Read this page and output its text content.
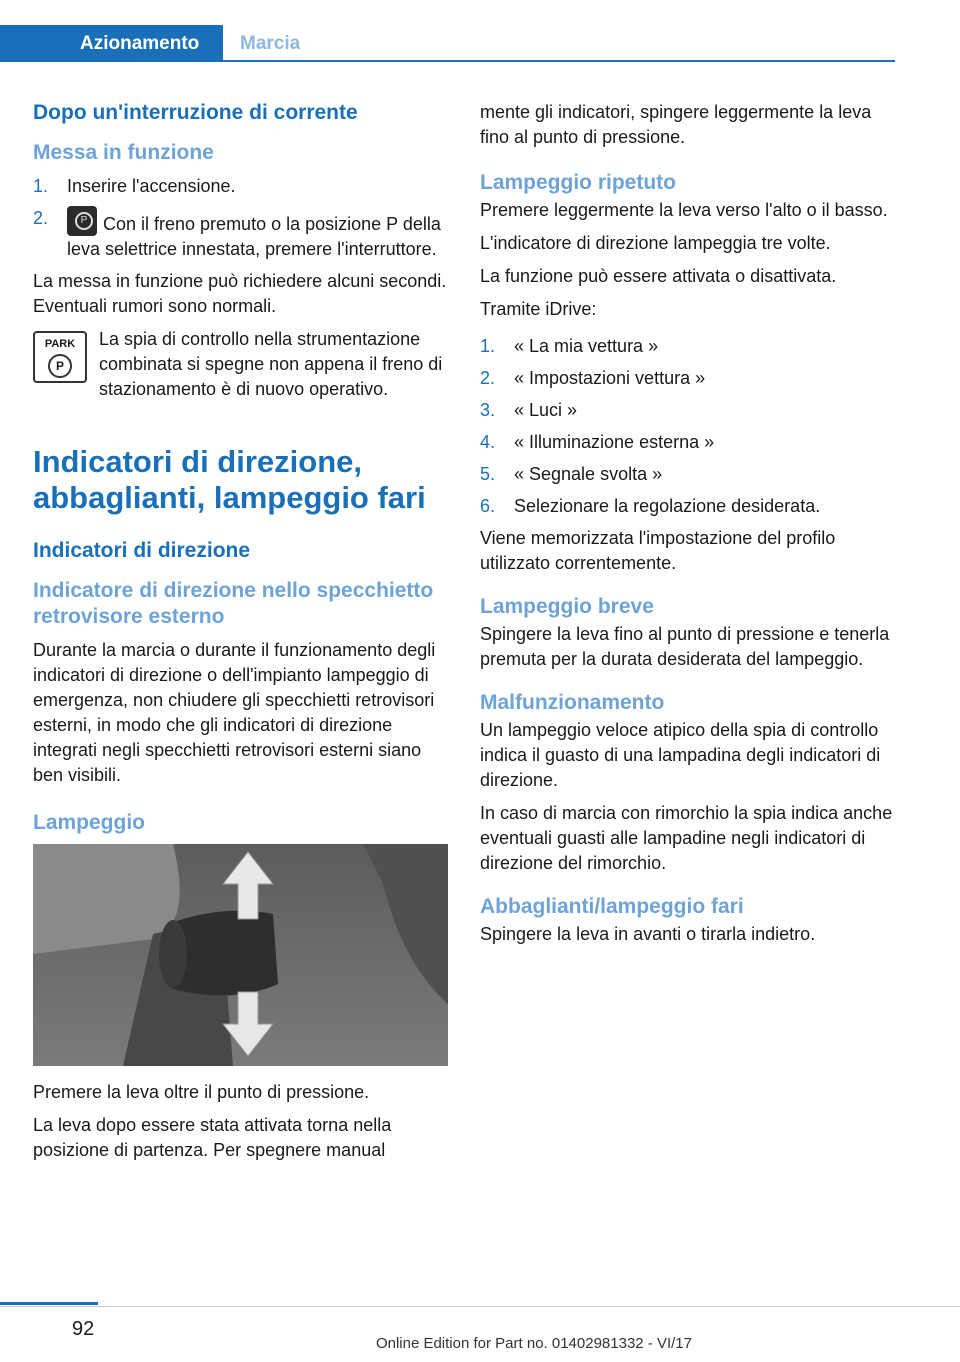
Azionamento	Marcia
Dopo un'interruzione di corrente
Messa in funzione
1. Inserire l'accensione.
2.
P	Con il freno premuto o la posizione P della leva selettrice innestata, premere l'interruttore.

La messa in funzione può richiedere alcuni secondi. Eventuali rumori sono normali.

PARK
P

La spia di controllo nella strumentazione combinata si spegne non appena il freno di stazionamento è di nuovo operativo.

Indicatori di direzione, abbaglianti, lampeggio fari
Indicatori di direzione
Indicatore di direzione nello specchietto retrovisore esterno

Durante la marcia o durante il funzionamento degli indicatori di direzione o dell'impianto lampeggio di emergenza, non chiudere gli specchietti retrovisori esterni, in modo che gli indicatori di direzione integrati negli specchietti retrovisori esterni siano ben visibili.

Lampeggio

Premere la leva oltre il punto di pressione.

La leva dopo essere stata attivata torna nella posizione di partenza. Per spegnere manual

mente gli indicatori, spingere leggermente la leva fino al punto di pressione.

Lampeggio ripetuto

Premere leggermente la leva verso l'alto o il basso.

L'indicatore di direzione lampeggia tre volte.

La funzione può essere attivata o disattivata.

Tramite iDrive:

1. « La mia vettura »
2. « Impostazioni vettura »
3. « Luci »
4. « Illuminazione esterna »
5. « Segnale svolta »
6. Selezionare la regolazione desiderata.

Viene memorizzata l'impostazione del profilo utilizzato correntemente.

Lampeggio breve

Spingere la leva fino al punto di pressione e tenerla premuta per la durata desiderata del lampeggio.

Malfunzionamento

Un lampeggio veloce atipico della spia di controllo indica il guasto di una lampadina degli indicatori di direzione.

In caso di marcia con rimorchio la spia indica anche eventuali guasti alle lampadine negli indicatori di direzione del rimorchio.

Abbaglianti/lampeggio fari

Spingere la leva in avanti o tirarla indietro.

92
Online Edition for Part no. 01402981332 - VI/17
